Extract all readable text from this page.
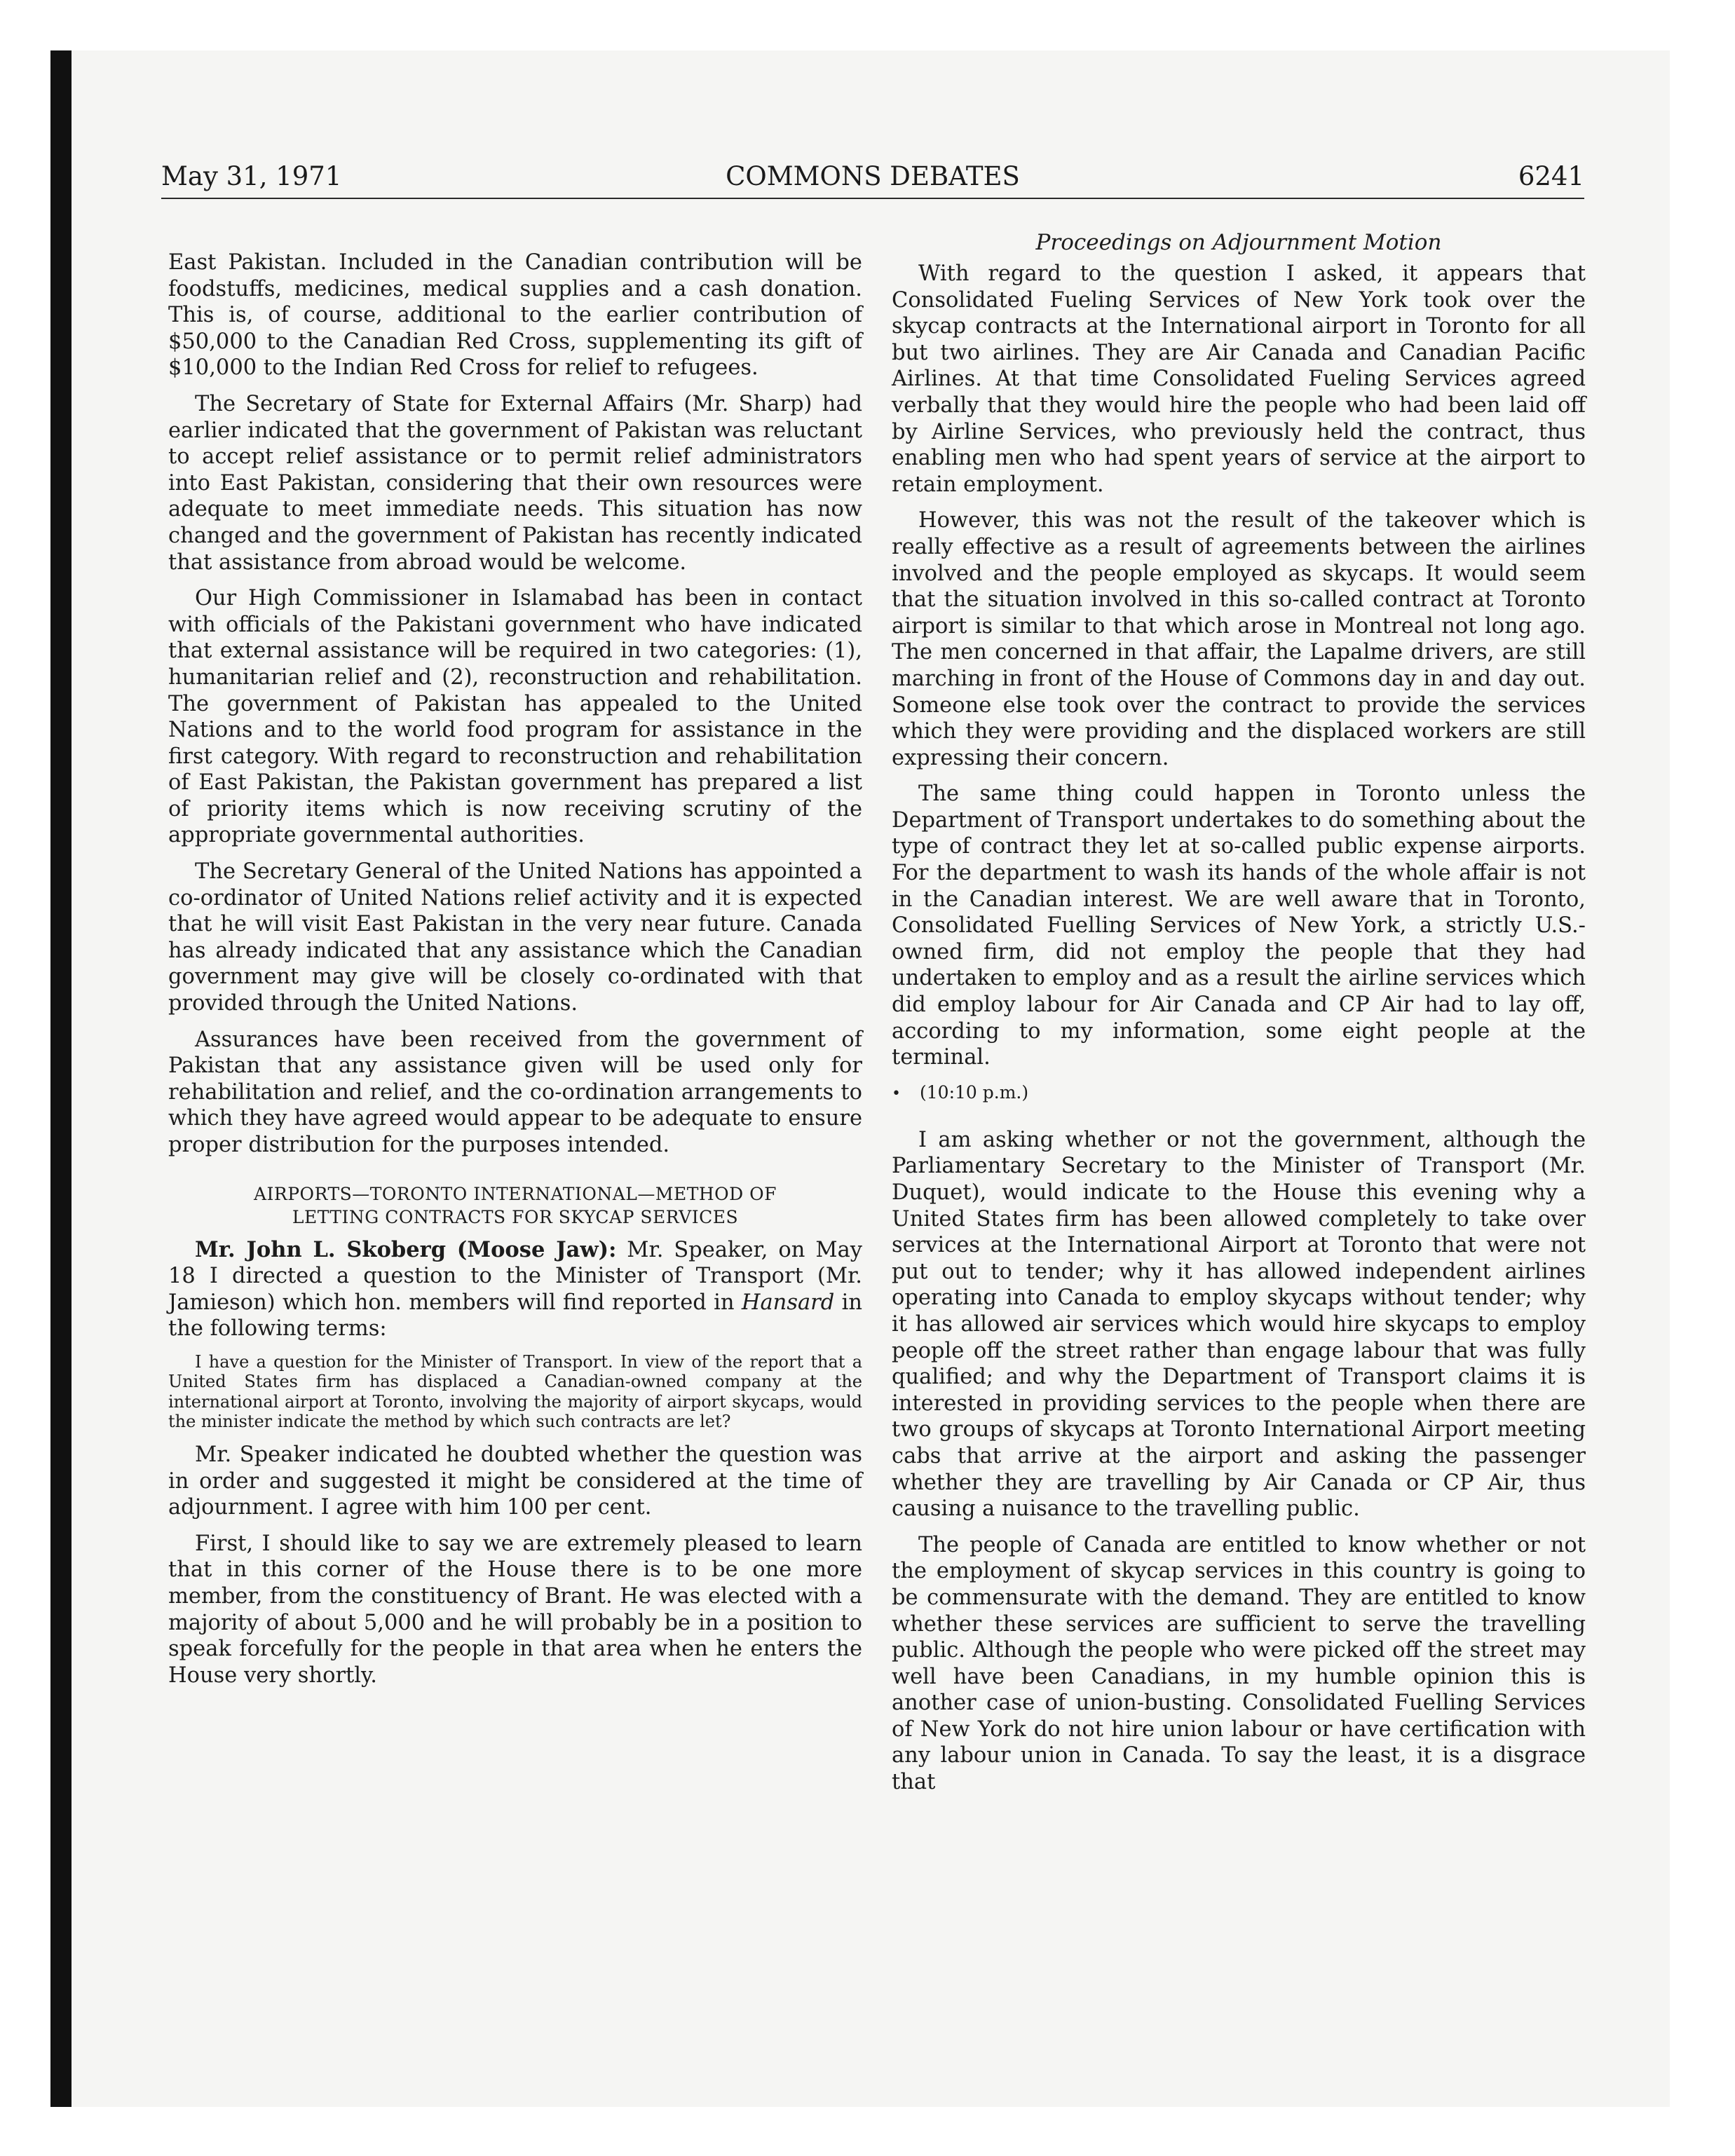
May 31, 1971	COMMONS DEBATES	6241

East Pakistan. Included in the Canadian contribution will be foodstuffs, medicines, medical supplies and a cash donation. This is, of course, additional to the earlier contribution of $50,000 to the Canadian Red Cross, supplementing its gift of $10,000 to the Indian Red Cross for relief to refugees.

The Secretary of State for External Affairs (Mr. Sharp) had earlier indicated that the government of Pakistan was reluctant to accept relief assistance or to permit relief administrators into East Pakistan, considering that their own resources were adequate to meet immediate needs. This situation has now changed and the government of Pakistan has recently indicated that assistance from abroad would be welcome.

Our High Commissioner in Islamabad has been in contact with officials of the Pakistani government who have indicated that external assistance will be required in two categories: (1), humanitarian relief and (2), reconstruction and rehabilitation. The government of Pakistan has appealed to the United Nations and to the world food program for assistance in the first category. With regard to reconstruction and rehabilitation of East Pakistan, the Pakistan government has prepared a list of priority items which is now receiving scrutiny of the appropriate governmental authorities.

The Secretary General of the United Nations has appointed a co-ordinator of United Nations relief activity and it is expected that he will visit East Pakistan in the very near future. Canada has already indicated that any assistance which the Canadian government may give will be closely co-ordinated with that provided through the United Nations.

Assurances have been received from the government of Pakistan that any assistance given will be used only for rehabilitation and relief, and the co-ordination arrangements to which they have agreed would appear to be adequate to ensure proper distribution for the purposes intended.

AIRPORTS—TORONTO INTERNATIONAL—METHOD OF
LETTING CONTRACTS FOR SKYCAP SERVICES

Mr. John L. Skoberg (Moose Jaw): Mr. Speaker, on May 18 I directed a question to the Minister of Transport (Mr. Jamieson) which hon. members will find reported in Hansard in the following terms:

I have a question for the Minister of Transport. In view of the report that a United States firm has displaced a Canadian-owned company at the international airport at Toronto, involving the majority of airport skycaps, would the minister indicate the method by which such contracts are let?

Mr. Speaker indicated he doubted whether the question was in order and suggested it might be considered at the time of adjournment. I agree with him 100 per cent.

First, I should like to say we are extremely pleased to learn that in this corner of the House there is to be one more member, from the constituency of Brant. He was elected with a majority of about 5,000 and he will probably be in a position to speak forcefully for the people in that area when he enters the House very shortly.

Proceedings on Adjournment Motion

With regard to the question I asked, it appears that Consolidated Fueling Services of New York took over the skycap contracts at the International airport in Toronto for all but two airlines. They are Air Canada and Canadian Pacific Airlines. At that time Consolidated Fueling Services agreed verbally that they would hire the people who had been laid off by Airline Services, who previously held the contract, thus enabling men who had spent years of service at the airport to retain employment.

However, this was not the result of the takeover which is really effective as a result of agreements between the airlines involved and the people employed as skycaps. It would seem that the situation involved in this so-called contract at Toronto airport is similar to that which arose in Montreal not long ago. The men concerned in that affair, the Lapalme drivers, are still marching in front of the House of Commons day in and day out. Someone else took over the contract to provide the services which they were providing and the displaced workers are still expressing their concern.

The same thing could happen in Toronto unless the Department of Transport undertakes to do something about the type of contract they let at so-called public expense airports. For the department to wash its hands of the whole affair is not in the Canadian interest. We are well aware that in Toronto, Consolidated Fuelling Services of New York, a strictly U.S.-owned firm, did not employ the people that they had undertaken to employ and as a result the airline services which did employ labour for Air Canada and CP Air had to lay off, according to my information, some eight people at the terminal.

• (10:10 p.m.)

I am asking whether or not the government, although the Parliamentary Secretary to the Minister of Transport (Mr. Duquet), would indicate to the House this evening why a United States firm has been allowed completely to take over services at the International Airport at Toronto that were not put out to tender; why it has allowed independent airlines operating into Canada to employ skycaps without tender; why it has allowed air services which would hire skycaps to employ people off the street rather than engage labour that was fully qualified; and why the Department of Transport claims it is interested in providing services to the people when there are two groups of skycaps at Toronto International Airport meeting cabs that arrive at the airport and asking the passenger whether they are travelling by Air Canada or CP Air, thus causing a nuisance to the travelling public.

The people of Canada are entitled to know whether or not the employment of skycap services in this country is going to be commensurate with the demand. They are entitled to know whether these services are sufficient to serve the travelling public. Although the people who were picked off the street may well have been Canadians, in my humble opinion this is another case of union-busting. Consolidated Fuelling Services of New York do not hire union labour or have certification with any labour union in Canada. To say the least, it is a disgrace that
